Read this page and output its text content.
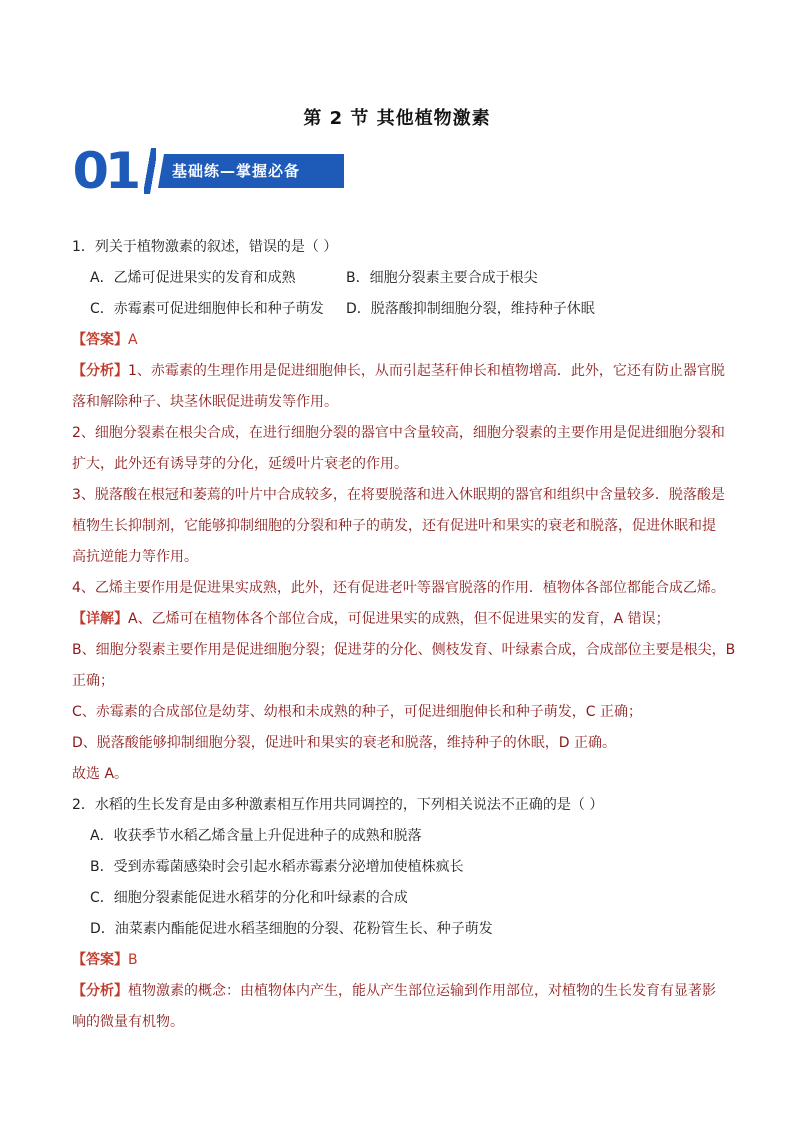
第 2 节 其他植物激素
01	基础练—掌握必备
1．列关于植物激素的叙述，错误的是（ ）
A．乙烯可促进果实的发育和成熟	B．细胞分裂素主要合成于根尖
C．赤霉素可促进细胞伸长和种子萌发	D．脱落酸抑制细胞分裂，维持种子休眠
【答案】A
【分析】1、赤霉素的生理作用是促进细胞伸长，从而引起茎秆伸长和植物增高．此外，它还有防止器官脱
落和解除种子、块茎休眠促进萌发等作用。
2、细胞分裂素在根尖合成，在进行细胞分裂的器官中含量较高，细胞分裂素的主要作用是促进细胞分裂和
扩大，此外还有诱导芽的分化，延缓叶片衰老的作用。
3、脱落酸在根冠和萎蔫的叶片中合成较多，在将要脱落和进入休眠期的器官和组织中含量较多．脱落酸是
植物生长抑制剂，它能够抑制细胞的分裂和种子的萌发，还有促进叶和果实的衰老和脱落，促进休眠和提
高抗逆能力等作用。
4、乙烯主要作用是促进果实成熟，此外，还有促进老叶等器官脱落的作用．植物体各部位都能合成乙烯。
【详解】A、乙烯可在植物体各个部位合成，可促进果实的成熟，但不促进果实的发育，A 错误；
B、细胞分裂素主要作用是促进细胞分裂；促进芽的分化、侧枝发育、叶绿素合成，合成部位主要是根尖，B
正确；
C、赤霉素的合成部位是幼芽、幼根和未成熟的种子，可促进细胞伸长和种子萌发，C 正确；
D、脱落酸能够抑制细胞分裂，促进叶和果实的衰老和脱落，维持种子的休眠，D 正确。
故选 A。
2．水稻的生长发育是由多种激素相互作用共同调控的，下列相关说法不正确的是（ ）
A．收获季节水稻乙烯含量上升促进种子的成熟和脱落
B．受到赤霉菌感染时会引起水稻赤霉素分泌增加使植株疯长
C．细胞分裂素能促进水稻芽的分化和叶绿素的合成
D．油菜素内酯能促进水稻茎细胞的分裂、花粉管生长、种子萌发
【答案】B
【分析】植物激素的概念：由植物体内产生，能从产生部位运输到作用部位，对植物的生长发育有显著影
响的微量有机物。
